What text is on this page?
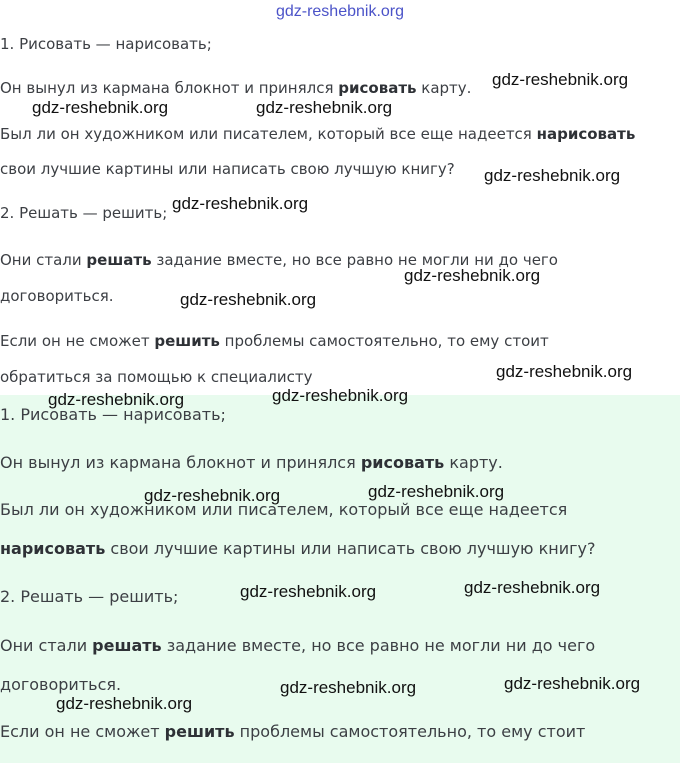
gdz-reshebnik.org
1. Рисовать — нарисовать;
Он вынул из кармана блокнот и принялся рисовать карту.
Был ли он художником или писателем, который все еще надеется нарисовать
свои лучшие картины или написать свою лучшую книгу?
2. Решать — решить;
Они стали решать задание вместе, но все равно не могли ни до чего
договориться.
Если он не сможет решить проблемы самостоятельно, то ему стоит
обратиться за помощью к специалисту
1. Рисовать — нарисовать;
Он вынул из кармана блокнот и принялся рисовать карту.
Был ли он художником или писателем, который все еще надеется
нарисовать свои лучшие картины или написать свою лучшую книгу?
2. Решать — решить;
Они стали решать задание вместе, но все равно не могли ни до чего
договориться.
Если он не сможет решить проблемы самостоятельно, то ему стоит
gdz-reshebnik.org
gdz-reshebnik.org	gdz-reshebnik.org
gdz-reshebnik.org
gdz-reshebnik.org
gdz-reshebnik.org
gdz-reshebnik.org
gdz-reshebnik.org
gdz-reshebnik.org	gdz-reshebnik.org
gdz-reshebnik.org	gdz-reshebnik.org
gdz-reshebnik.org	gdz-reshebnik.org
gdz-reshebnik.org	gdz-reshebnik.org
gdz-reshebnik.org
